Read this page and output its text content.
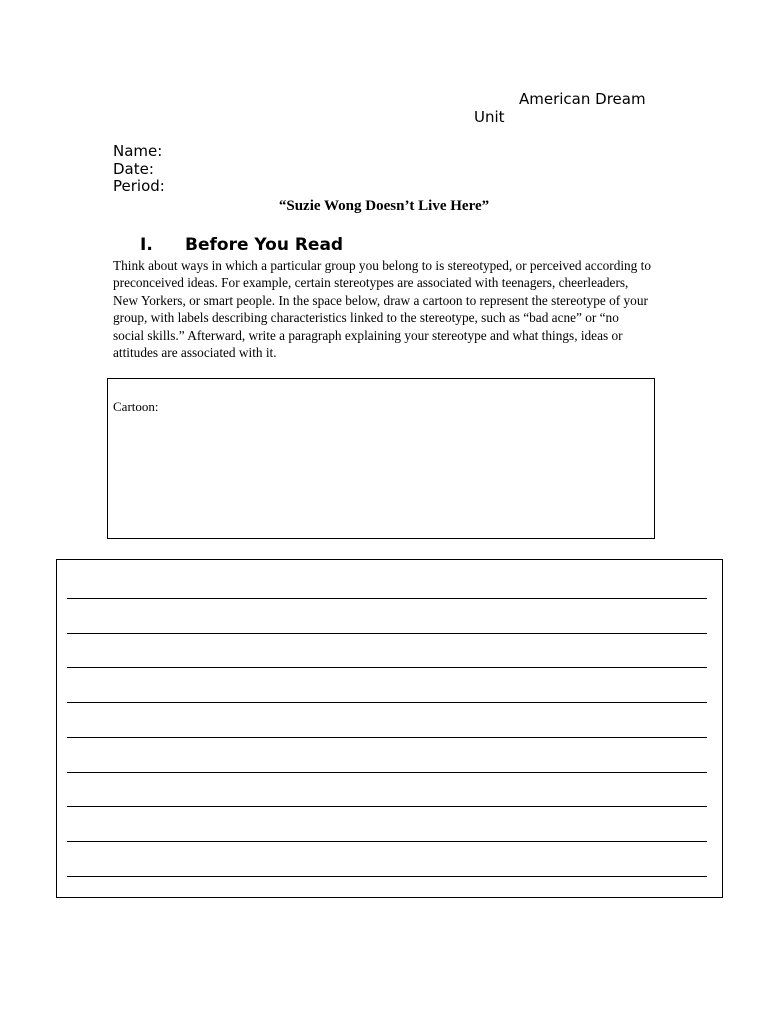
American Dream
Unit
Name:
Date:
Period:
“Suzie Wong Doesn’t Live Here”
I. Before You Read

Think about ways in which a particular group you belong to is stereotyped, or perceived according to preconceived ideas. For example, certain stereotypes are associated with teenagers, cheerleaders, New Yorkers, or smart people. In the space below, draw a cartoon to represent the stereotype of your group, with labels describing characteristics linked to the stereotype, such as “bad acne” or “no social skills.” Afterward, write a paragraph explaining your stereotype and what things, ideas or attitudes are associated with it.

Cartoon:
